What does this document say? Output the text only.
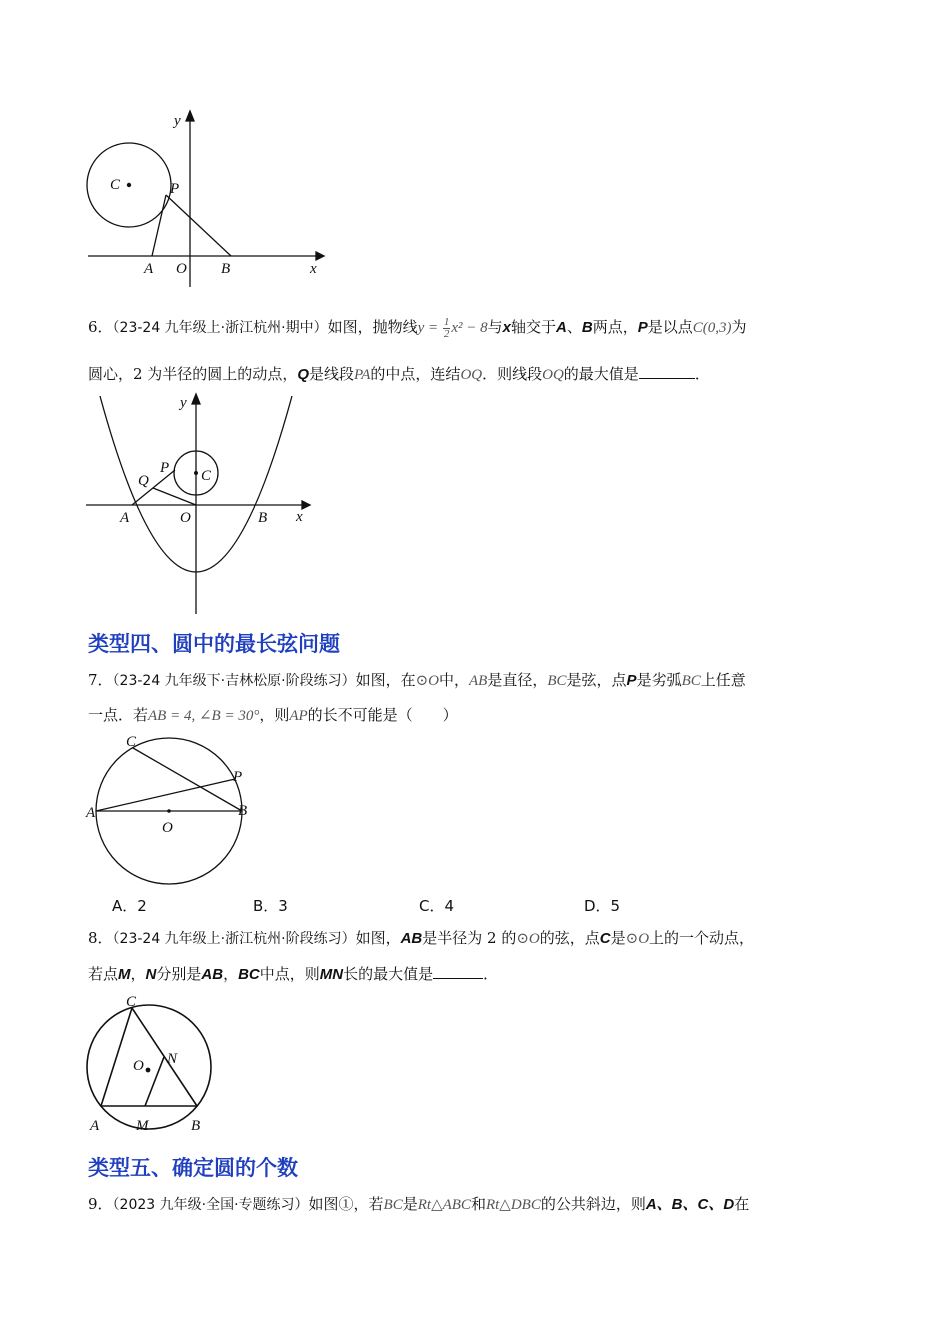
y
x
C	P
A O B
6．（23-24 九年级上·浙江杭州·期中）如图，抛物线$y = \frac{1}{2} x^2 - 8$与x轴交于A、B两点，P是以点C(0,3)为
圆心，2 为半径的圆上的动点，Q是线段PA的中点，连结OQ．则线段OQ的最大值是	．
y
x
P C
Q
A	O	B
类型四、圆中的最长弦问题
7．（23-24 九年级下·吉林松原·阶段练习）如图，在⊙O中，AB是直径，BC是弦，点P是劣弧BC上任意
一点．若AB = 4, ∠B = 30°，则AP的长不可能是（　　）
C
P
A	B
O
A．2	B．3	C．4	D．5
8．（23-24 九年级上·浙江杭州·阶段练习）如图，AB是半径为 2 的⊙O的弦，点C是⊙O上的一个动点，
若点M，N分别是AB，BC中点，则MN长的最大值是	．
C
O N
A M	B
类型五、确定圆的个数
9．（2023 九年级·全国·专题练习）如图①，若BC是Rt△ABC和Rt△DBC的公共斜边，则A、B、C、D在
